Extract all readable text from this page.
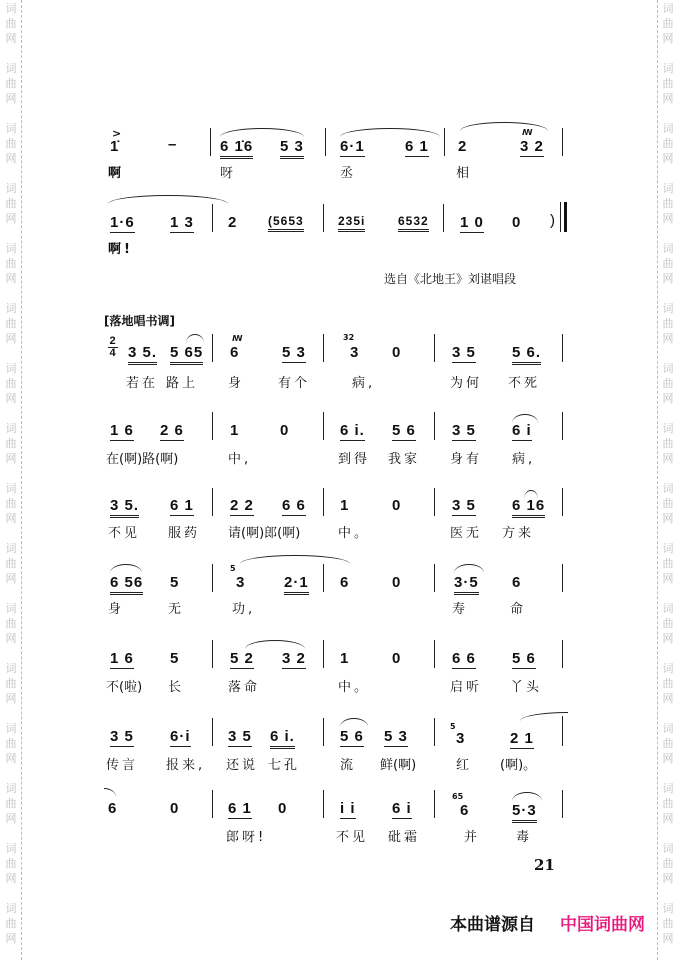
词
曲
网
词
曲
网
词
曲
网
词
曲
网
词
曲
网
词
曲
网
词
曲
网
词
曲
网
词
曲
网
词
曲
网
词
曲
网
词
曲
网
词
曲
网
词
曲
网
词
曲
网
词
曲
网
词
曲
网
词
曲
网
词
曲
网
词
曲
网
词
曲
网
词
曲
网
词
曲
网
词
曲
网
词
曲
网
词
曲
网
词
曲
网
词
曲
网
词
曲
网
词
曲
网
词
曲
网
词
曲
网
>
1̇	–	6 1̇6 5 3 6·1	6 1
ꟿ
2	3 2
啊	呀	丞	相
1·6 1 3 2	(5653	235i	6532 1 0 0 )
啊!
选自《北地王》刘谌唱段
[落地唱书调]
2
4 3 5. 5 65
ꟿ
6	5 3
32
3 0	3 5 5 6.
若在 路上 身	有个	病,	为何 不死
1 6 2 6	1	0	6 i. 5 6 3 5 6 i
在(啊)路(啊)	中,	到得 我家 身有 病,
3 5. 6 1 2 2 6 6 1	0	3 5 6 16
不见 服药 请(啊)郎(啊)	中。	医无 方来
6 56 5
5
3	2·1 6	0	3·5 6
身	无	功,	寿	命
1 6 5	5 2 3 2 1	0	6 6 5 6
不(啦) 长	落命	中。	启听 丫头
3 5 6·i 3 5 6 i.	5 6 5 3
5
3	2 1
传言 报来, 还说 七孔	流 鲜(啊)	红 (啊)。
6	0	6 1 0	i i 6 i
65
6	5·3
郎呀!	不见 砒霜	并	毒
21
本曲谱源自 中国词曲网
